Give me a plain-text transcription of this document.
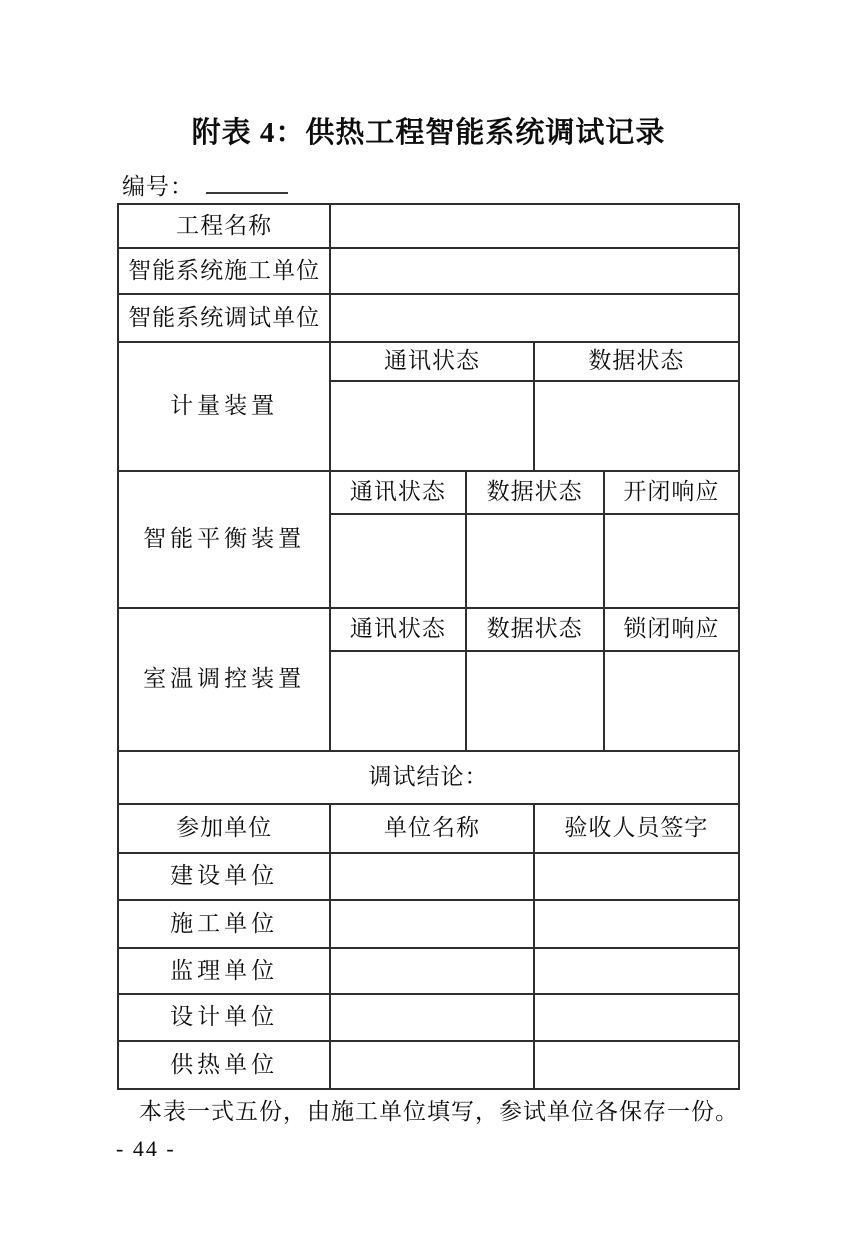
附表 4：供热工程智能系统调试记录
编号：
工程名称				
智能系统施工单位				
智能系统调试单位				
计量装置	通讯状态		数据状态	

智能平衡装置	通讯状态	数据状态		开闭响应

室温调控装置	通讯状态	数据状态		锁闭响应

调试结论：				
参加单位	单位名称		验收人员签字	
建设单位				
施工单位				
监理单位				
设计单位				
供热单位				
本表一式五份，由施工单位填写，参试单位各保存一份。
- 44 -
